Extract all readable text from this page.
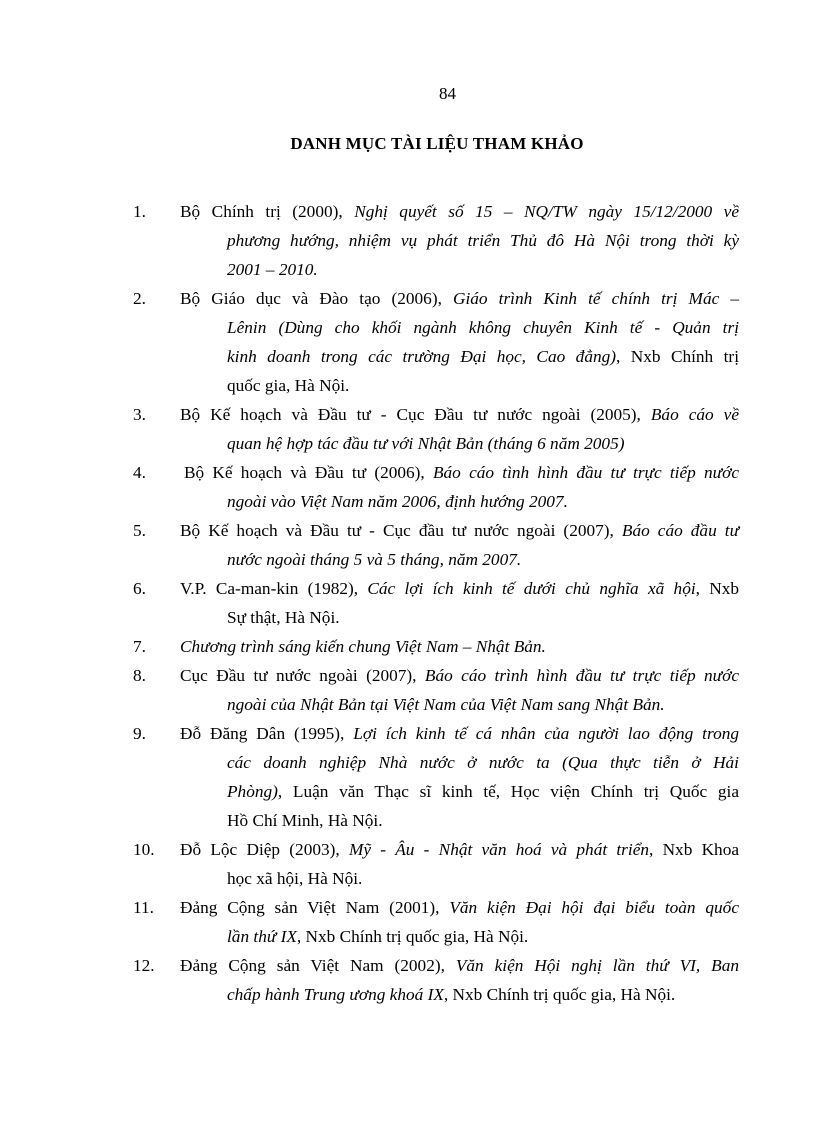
84
DANH MỤC TÀI LIỆU THAM KHẢO
1. Bộ Chính trị (2000), Nghị quyết số 15 – NQ/TW ngày 15/12/2000 về
phương hướng, nhiệm vụ phát triển Thủ đô Hà Nội trong thời kỳ
2001 – 2010.
2. Bộ Giáo dục và Đào tạo (2006), Giáo trình Kinh tế chính trị Mác –
Lênin (Dùng cho khối ngành không chuyên Kinh tế - Quản trị
kinh doanh trong các trường Đại học, Cao đẳng), Nxb Chính trị
quốc gia, Hà Nội.
3. Bộ Kế hoạch và Đầu tư - Cục Đầu tư nước ngoài (2005), Báo cáo về
quan hệ hợp tác đầu tư với Nhật Bản (tháng 6 năm 2005)
4. Bộ Kế hoạch và Đầu tư (2006), Báo cáo tình hình đầu tư trực tiếp nước
ngoài vào Việt Nam năm 2006, định hướng 2007.
5. Bộ Kế hoạch và Đầu tư - Cục đầu tư nước ngoài (2007), Báo cáo đầu tư
nước ngoài tháng 5 và 5 tháng, năm 2007.
6. V.P. Ca-man-kin (1982), Các lợi ích kinh tế dưới chủ nghĩa xã hội, Nxb
Sự thật, Hà Nội.
7. Chương trình sáng kiến chung Việt Nam – Nhật Bản.
8. Cục Đầu tư nước ngoài (2007), Báo cáo trình hình đầu tư trực tiếp nước
ngoài của Nhật Bản tại Việt Nam của Việt Nam sang Nhật Bản.
9. Đỗ Đăng Dân (1995), Lợi ích kinh tế cá nhân của người lao động trong
các doanh nghiệp Nhà nước ở nước ta (Qua thực tiễn ở Hải
Phòng), Luận văn Thạc sĩ kinh tế, Học viện Chính trị Quốc gia
Hồ Chí Minh, Hà Nội.
10. Đỗ Lộc Diệp (2003), Mỹ - Âu - Nhật văn hoá và phát triển, Nxb Khoa
học xã hội, Hà Nội.
11. Đảng Cộng sản Việt Nam (2001), Văn kiện Đại hội đại biểu toàn quốc
lần thứ IX, Nxb Chính trị quốc gia, Hà Nội.
12. Đảng Cộng sản Việt Nam (2002), Văn kiện Hội nghị lần thứ VI, Ban
chấp hành Trung ương khoá IX, Nxb Chính trị quốc gia, Hà Nội.
